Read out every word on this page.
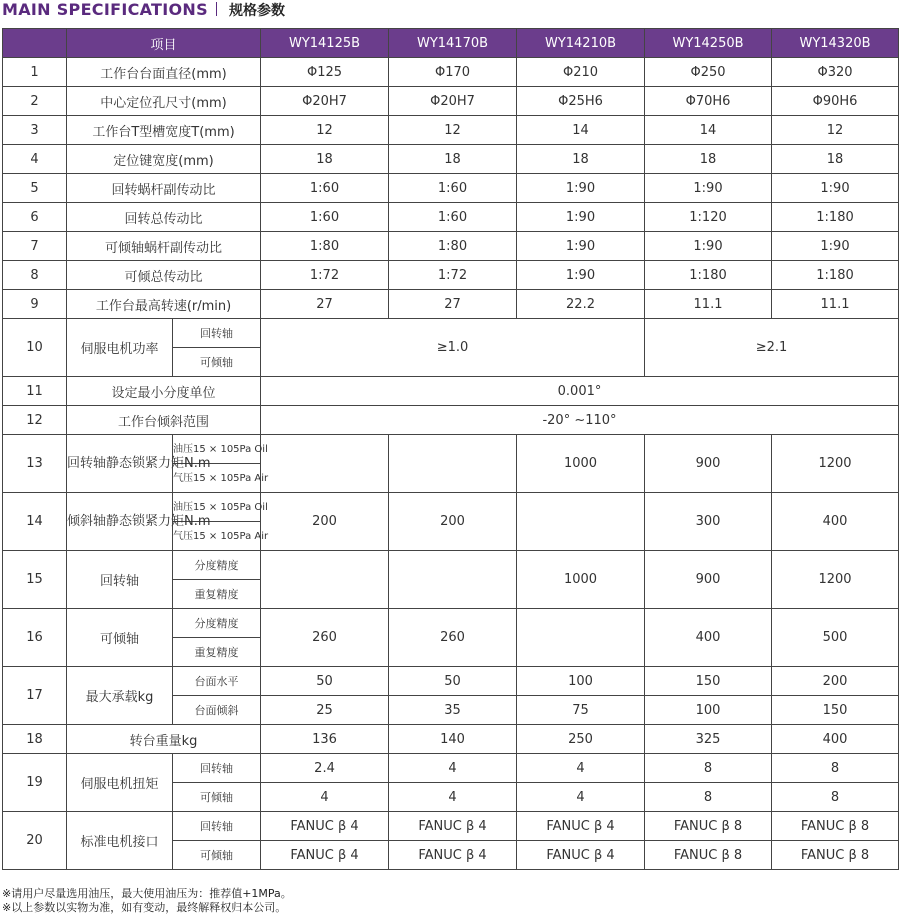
MAIN SPECIFICATIONS 规格参数
	项目		WY14125B	WY14170B	WY14210B	WY14250B	WY14320B
1	工作台台面直径(mm)		Φ125	Φ170	Φ210	Φ250	Φ320
2	中心定位孔尺寸(mm)		Φ20H7	Φ20H7	Φ25H6	Φ70H6	Φ90H6
3	工作台T型槽宽度T(mm)		12	12	14	14	12
4	定位键宽度(mm)		18	18	18	18	18
5	回转蜗杆副传动比		1:60	1:60	1:90	1:90	1:90
6	回转总传动比		1:60	1:60	1:90	1:120	1:180
7	可倾轴蜗杆副传动比		1:80	1:80	1:90	1:90	1:90
8	可倾总传动比		1:72	1:72	1:90	1:180	1:180
9	工作台最高转速(r/min)		27	27	22.2	11.1	11.1
10	伺服电机功率	回转轴	≥1.0			≥2.1	
		可倾轴					
11	设定最小分度单位		0.001°				
12	工作台倾斜范围		-20° ~110°				
13	回转轴静态锁紧力矩N.m	油压15 × 105Pa Oil			1000	900	1200
		气压15 × 105Pa Air					
14	倾斜轴静态锁紧力矩N.m	油压15 × 105Pa Oil	200	200		300	400
		气压15 × 105Pa Air					
15	回转轴	分度精度			1000	900	1200
		重复精度					
16	可倾轴	分度精度	260	260		400	500
		重复精度					
17	最大承载kg	台面水平	50	50	100	150	200
		台面倾斜	25	35	75	100	150
18	转台重量kg		136	140	250	325	400
19	伺服电机扭矩	回转轴	2.4	4	4	8	8
		可倾轴	4	4	4	8	8
20	标准电机接口	回转轴	FANUC β 4	FANUC β 4	FANUC β 4	FANUC β 8	FANUC β 8
		可倾轴	FANUC β 4	FANUC β 4	FANUC β 4	FANUC β 8	FANUC β 8
※请用户尽量选用油压，最大使用油压为：推荐值+1MPa。
※以上参数以实物为准，如有变动，最终解释权归本公司。
